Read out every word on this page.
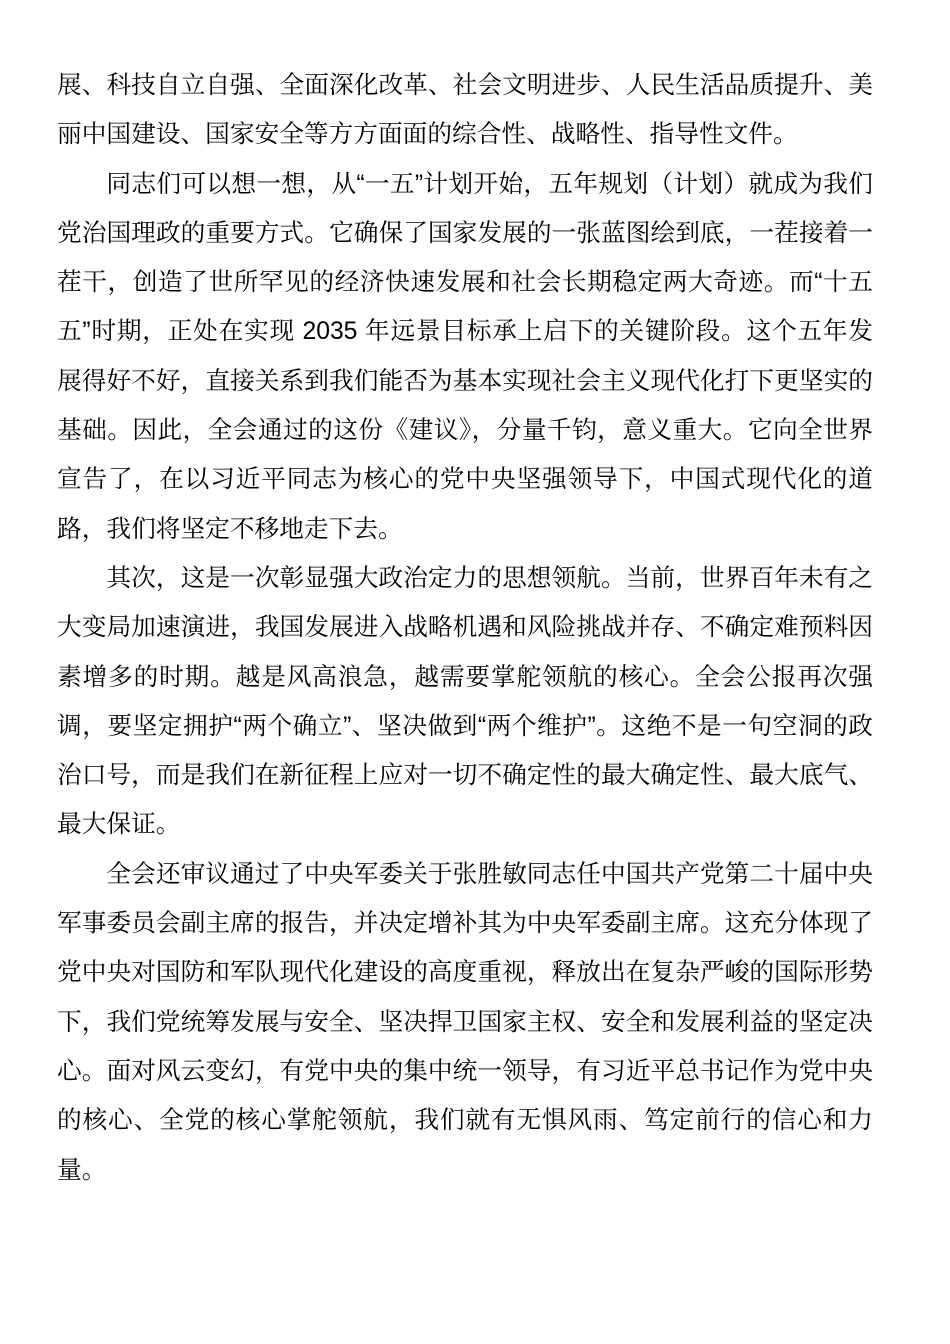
展、科技自立自强、全面深化改革、社会文明进步、人民生活品质提升、美丽中国建设、国家安全等方方面面的综合性、战略性、指导性文件。

同志们可以想一想，从“一五”计划开始，五年规划（计划）就成为我们党治国理政的重要方式。它确保了国家发展的一张蓝图绘到底，一茬接着一茬干，创造了世所罕见的经济快速发展和社会长期稳定两大奇迹。而“十五五”时期，正处在实现 2035 年远景目标承上启下的关键阶段。这个五年发展得好不好，直接关系到我们能否为基本实现社会主义现代化打下更坚实的基础。因此，全会通过的这份《建议》，分量千钧，意义重大。它向全世界宣告了，在以习近平同志为核心的党中央坚强领导下，中国式现代化的道路，我们将坚定不移地走下去。

其次，这是一次彰显强大政治定力的思想领航。当前，世界百年未有之大变局加速演进，我国发展进入战略机遇和风险挑战并存、不确定难预料因素增多的时期。越是风高浪急，越需要掌舵领航的核心。全会公报再次强调，要坚定拥护“两个确立”、坚决做到“两个维护”。这绝不是一句空洞的政治口号，而是我们在新征程上应对一切不确定性的最大确定性、最大底气、最大保证。

全会还审议通过了中央军委关于张胜敏同志任中国共产党第二十届中央军事委员会副主席的报告，并决定增补其为中央军委副主席。这充分体现了党中央对国防和军队现代化建设的高度重视，释放出在复杂严峻的国际形势下，我们党统筹发展与安全、坚决捍卫国家主权、安全和发展利益的坚定决心。面对风云变幻，有党中央的集中统一领导，有习近平总书记作为党中央的核心、全党的核心掌舵领航，我们就有无惧风雨、笃定前行的信心和力量。
